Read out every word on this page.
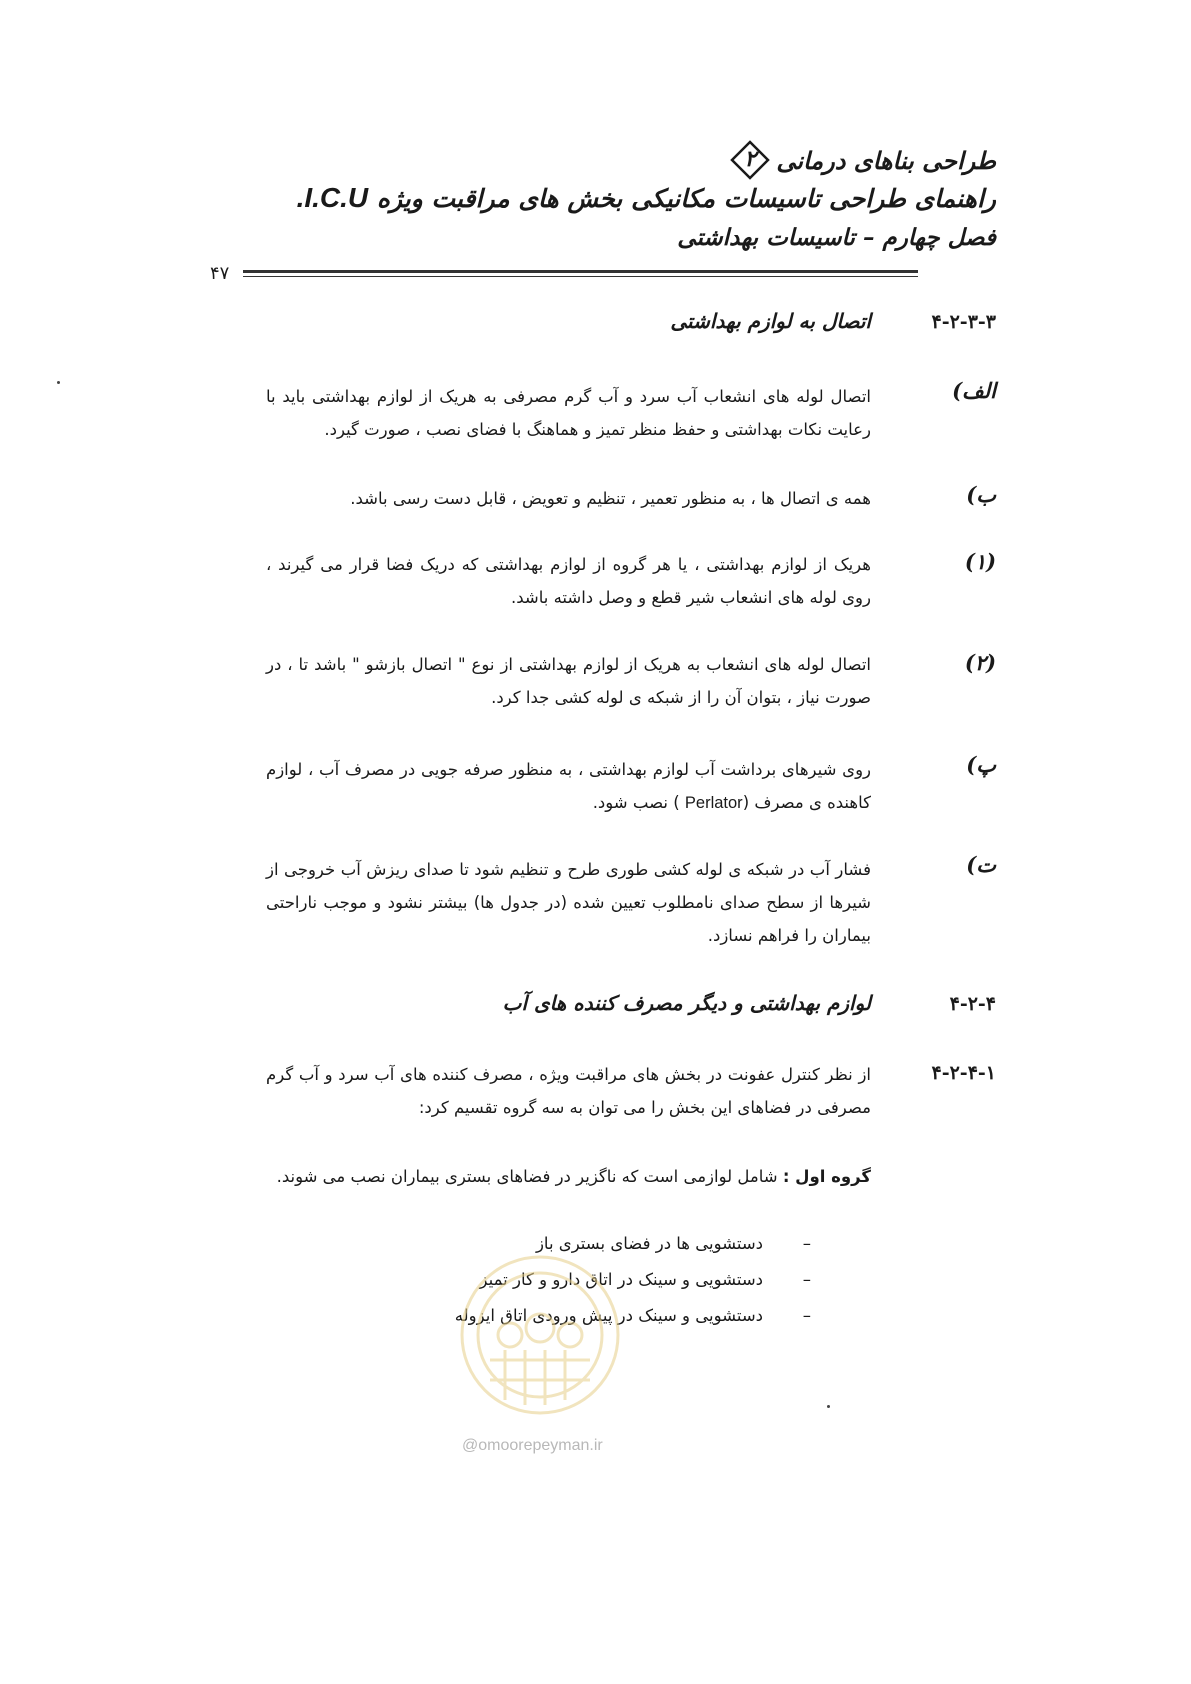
طراحی بناهای درمانی
۲
راهنمای طراحی تاسیسات مکانیکی بخش های مراقبت ویژه I.C.U.
فصل چهارم – تاسیسات بهداشتی
۴۷
۴-۲-۳-۳
اتصال به لوازم بهداشتی
الف)
اتصال لوله های انشعاب آب سرد و آب گرم مصرفی به هریک از لوازم بهداشتی باید با رعایت نکات بهداشتی و حفظ منظر تمیز و هماهنگ با فضای نصب ، صورت گیرد.
ب)
همه ی اتصال ها ، به منظور تعمیر ، تنظیم و تعویض ، قابل دست رسی باشد.
(۱)
هریک از لوازم بهداشتی ، یا هر گروه از لوازم بهداشتی که دریک فضا قرار می گیرند ، روی لوله های انشعاب شیر قطع و وصل داشته باشد.
(۲)
اتصال لوله های انشعاب به هریک از لوازم بهداشتی از نوع " اتصال بازشو " باشد تا ، در صورت نیاز ، بتوان آن را از شبکه ی لوله کشی جدا کرد.
پ)
روی شیرهای برداشت آب لوازم بهداشتی ، به منظور صرفه جویی در مصرف آب ، لوازم کاهنده ی مصرف (Perlator ) نصب شود.
ت)
فشار آب در شبکه ی لوله کشی طوری طرح و تنظیم شود تا صدای ریزش آب خروجی از شیرها از سطح صدای نامطلوب تعیین شده (در جدول ها) بیشتر نشود و موجب ناراحتی بیماران را فراهم نسازد.
۴-۲-۴
لوازم بهداشتی و دیگر مصرف کننده های آب
۴-۲-۴-۱
از نظر کنترل عفونت در بخش های مراقبت ویژه ، مصرف کننده های آب سرد و آب گرم مصرفی در فضاهای این بخش را می توان به سه گروه تقسیم کرد:
گروه اول : شامل لوازمی است که ناگزیر در فضاهای بستری بیماران نصب می شوند.
–
دستشویی ها در فضای بستری باز
–
دستشویی و سینک در اتاق دارو و کار تمیز
–
دستشویی و سینک در پیش ورودی اتاق ایزوله
@omoorepeyman.ir
